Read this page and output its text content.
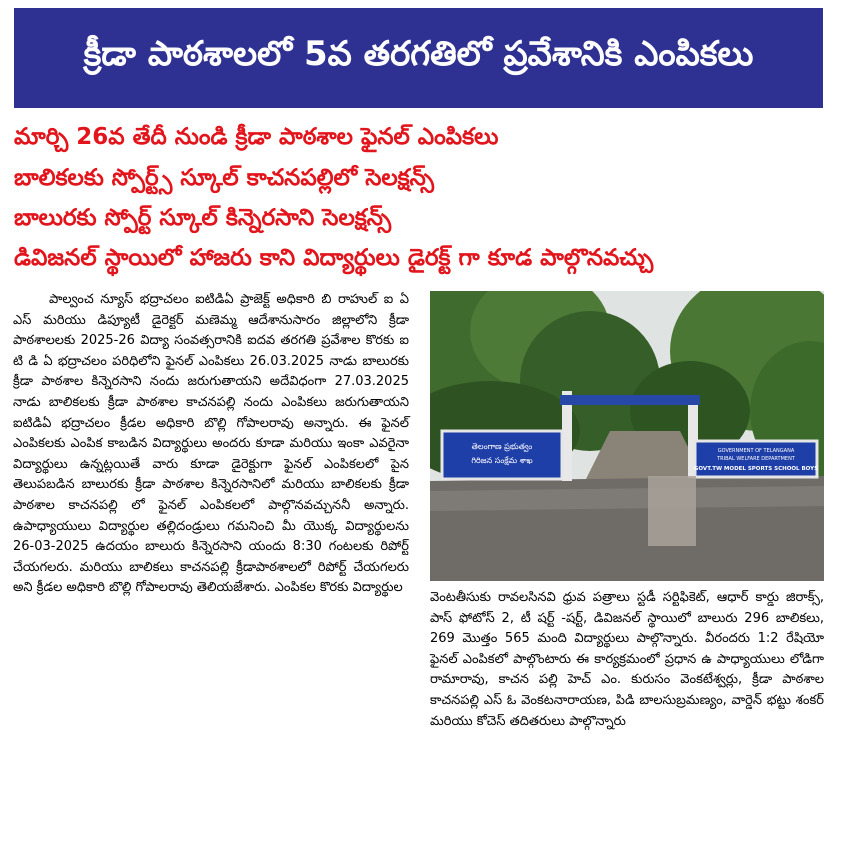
క్రీడా పాఠశాలలో 5వ తరగతిలో ప్రవేశానికి ఎంపికలు
మార్చి 26వ తేదీ నుండి క్రీడా పాఠశాల ఫైనల్ ఎంపికలు
బాలికలకు స్పోర్ట్స్ స్కూల్ కాచనపల్లిలో సెలక్షన్స్
బాలురకు స్పోర్ట్ స్కూల్ కిన్నెరసాని సెలక్షన్స్
డివిజనల్ స్థాయిలో హాజరు కాని విద్యార్థులు డైరక్ట్ గా కూడ పాల్గొనవచ్చు

పాల్వంచ న్యూస్ భద్రాచలం ఐటిడిఏ ప్రాజెక్ట్ అధికారి బి రాహుల్ ఐ ఏ ఎస్ మరియు డిప్యూటీ డైరెక్టర్ మణెమ్మ ఆదేశానుసారం జిల్లాలోని క్రీడా పాఠశాలలకు 2025-26 విద్యా సంవత్సరానికి ఐదవ తరగతి ప్రవేశాల కొరకు ఐ టి డి ఏ భద్రాచలం పరిధిలోని ఫైనల్ ఎంపికలు 26.03.2025 నాడు బాలురకు క్రీడా పాఠశాల కిన్నెరసాని నందు జరుగుతాయని అదేవిధంగా 27.03.2025 నాడు బాలికలకు క్రీడా పాఠశాల కాచనపల్లి నందు ఎంపికలు జరుగుతాయని ఐటిడిఏ భద్రాచలం క్రీడల అధికారి బొల్లి గోపాలరావు అన్నారు. ఈ ఫైనల్ ఎంపికలకు ఎంపిక కాబడిన విద్యార్థులు అందరు కూడా మరియు ఇంకా ఎవరైనా విద్యార్థులు ఉన్నట్లయితే వారు కూడా డైరెక్టుగా ఫైనల్ ఎంపికలలో పైన తెలుపబడిన బాలురకు క్రీడా పాఠశాల కిన్నెరసానిలో మరియు బాలికలకు క్రీడా పాఠశాల కాచనపల్లి లో ఫైనల్ ఎంపికలలో పాల్గొనవచ్చుననీ అన్నారు. ఉపాధ్యాయులు విద్యార్థుల తల్లిదండ్రులు గమనించి మీ యొక్క విద్యార్థులను 26-03-2025 ఉదయం బాలురు కిన్నెరసాని యందు 8:30 గంటలకు రిపోర్ట్ చేయగలరు. మరియు బాలికలు కాచనపల్లి క్రీడాపాఠశాలలో రిపోర్ట్ చేయగలరు అని క్రీడల అధికారి బొల్లి గోపాలరావు తెలియజేశారు. ఎంపికల కొరకు విద్యార్థుల

తెలంగాణ ప్రభుత్వం
గిరిజన సంక్షేమ శాఖ
GOVERNMENT OF TELANGANA
TRIBAL WELFARE DEPARTMENT
GOVT.TW MODEL SPORTS SCHOOL BOYS

వెంటతీసుకు రావలసినవి ధ్రువ పత్రాలు స్టడీ సర్టిఫికెట్, ఆధార్ కార్డు జిరాక్స్, పాస్ ఫోటోస్ 2, టీ షర్ట్ -షర్ట్, డివిజనల్ స్థాయిలో బాలురు 296 బాలికలు, 269 మొత్తం 565 మంది విద్యార్థులు పాల్గొన్నారు. వీరందరు 1:2 రేషియో ఫైనల్ ఎంపికలో పాల్గొంటారు ఈ కార్యక్రమంలో ప్రధాన ఉ పాధ్యాయులు లోడిగా రామారావు, కాచన పల్లి హెచ్ ఎం. కురుసం వెంకటేశ్వర్లు, క్రీడా పాఠశాల కాచనపల్లి ఎస్ ఓ వెంకటనారాయణ, పిడి బాలసుబ్రమణ్యం, వార్డెన్ భట్టు శంకర్ మరియు కోచెస్ తదితరులు పాల్గొన్నారు
